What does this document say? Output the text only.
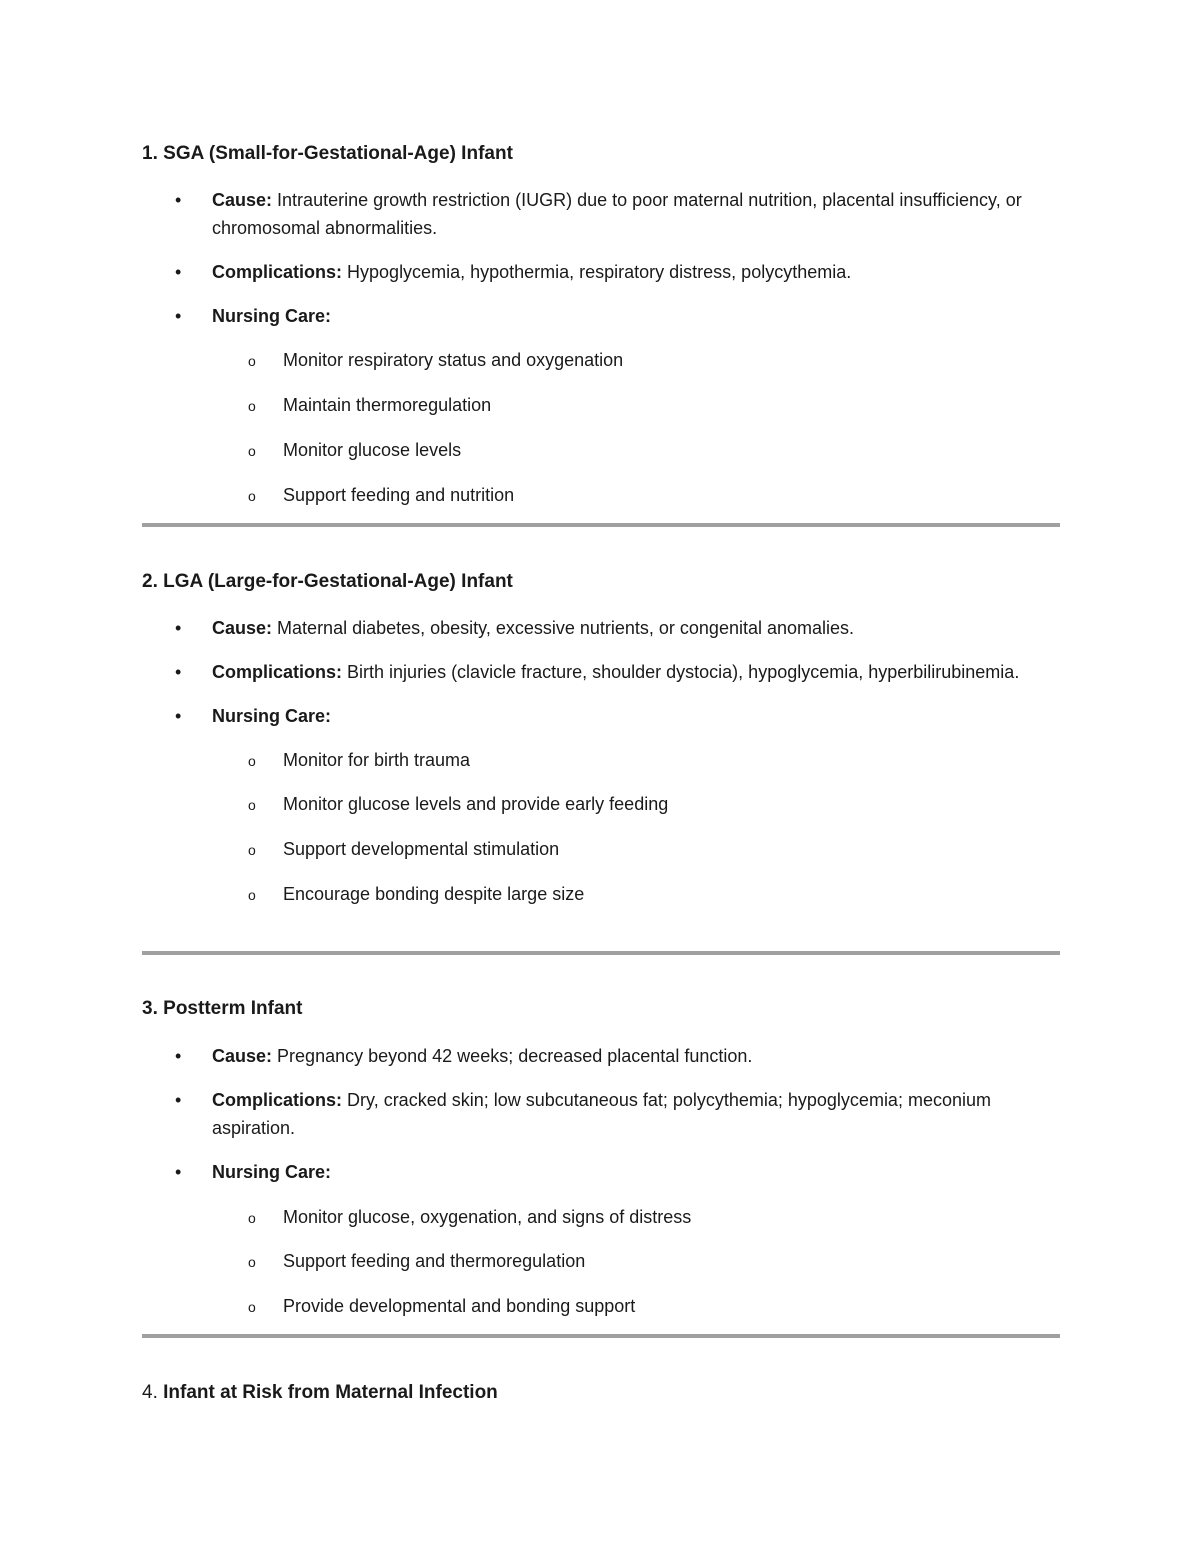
1. SGA (Small-for-Gestational-Age) Infant
• Cause: Intrauterine growth restriction (IUGR) due to poor maternal nutrition, placental insufficiency, or chromosomal abnormalities.
• Complications: Hypoglycemia, hypothermia, respiratory distress, polycythemia.
• Nursing Care:
o Monitor respiratory status and oxygenation
o Maintain thermoregulation
o Monitor glucose levels
o Support feeding and nutrition
2. LGA (Large-for-Gestational-Age) Infant
• Cause: Maternal diabetes, obesity, excessive nutrients, or congenital anomalies.
• Complications: Birth injuries (clavicle fracture, shoulder dystocia), hypoglycemia, hyperbilirubinemia.
• Nursing Care:
o Monitor for birth trauma
o Monitor glucose levels and provide early feeding
o Support developmental stimulation
o Encourage bonding despite large size
3. Postterm Infant
• Cause: Pregnancy beyond 42 weeks; decreased placental function.
• Complications: Dry, cracked skin; low subcutaneous fat; polycythemia; hypoglycemia; meconium aspiration.
• Nursing Care:
o Monitor glucose, oxygenation, and signs of distress
o Support feeding and thermoregulation
o Provide developmental and bonding support
4. Infant at Risk from Maternal Infection
